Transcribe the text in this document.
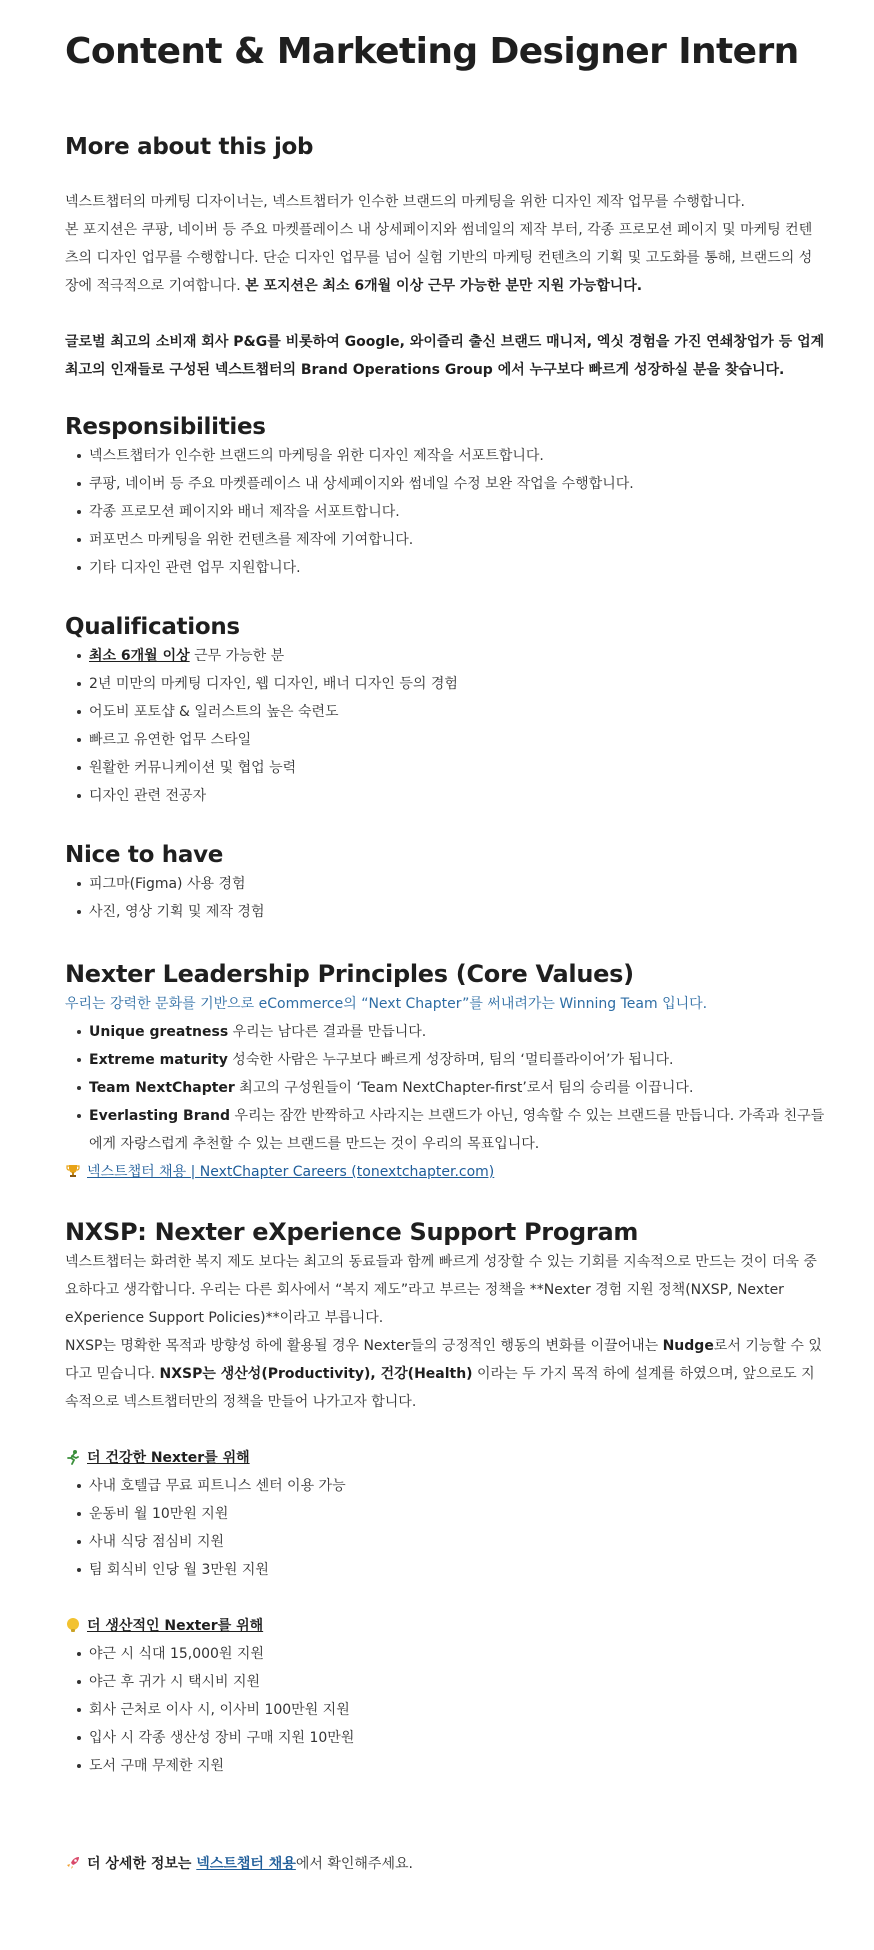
Content & Marketing Designer Intern
More about this job

넥스트챕터의 마케팅 디자이너는, 넥스트챕터가 인수한 브랜드의 마케팅을 위한 디자인 제작 업무를 수행합니다.
본 포지션은 쿠팡, 네이버 등 주요 마켓플레이스 내 상세페이지와 썸네일의 제작 부터, 각종 프로모션 페이지 및 마케팅 컨텐츠의 디자인 업무를 수행합니다. 단순 디자인 업무를 넘어 실험 기반의 마케팅 컨텐츠의 기획 및 고도화를 통해, 브랜드의 성장에 적극적으로 기여합니다. 본 포지션은 최소 6개월 이상 근무 가능한 분만 지원 가능합니다.

글로벌 최고의 소비재 회사 P&G를 비롯하여 Google, 와이즐리 출신 브랜드 매니저, 엑싯 경험을 가진 연쇄창업가 등 업계 최고의 인재들로 구성된 넥스트챕터의 Brand Operations Group 에서 누구보다 빠르게 성장하실 분을 찾습니다.

Responsibilities
넥스트챕터가 인수한 브랜드의 마케팅을 위한 디자인 제작을 서포트합니다.
쿠팡, 네이버 등 주요 마켓플레이스 내 상세페이지와 썸네일 수정 보완 작업을 수행합니다.
각종 프로모션 페이지와 배너 제작을 서포트합니다.
퍼포먼스 마케팅을 위한 컨텐츠를 제작에 기여합니다.
기타 디자인 관련 업무 지원합니다.
Qualifications
최소 6개월 이상 근무 가능한 분
2년 미만의 마케팅 디자인, 웹 디자인, 배너 디자인 등의 경험
어도비 포토샵 & 일러스트의 높은 숙련도
빠르고 유연한 업무 스타일
원활한 커뮤니케이션 및 협업 능력
디자인 관련 전공자
Nice to have
피그마(Figma) 사용 경험
사진, 영상 기획 및 제작 경험
Nexter Leadership Principles (Core Values)

우리는 강력한 문화를 기반으로 eCommerce의 “Next Chapter”를 써내려가는 Winning Team 입니다.

Unique greatness 우리는 남다른 결과를 만듭니다.
Extreme maturity 성숙한 사람은 누구보다 빠르게 성장하며, 팀의 ‘멀티플라이어’가 됩니다.
Team NextChapter 최고의 구성원들이 ‘Team NextChapter-first’로서 팀의 승리를 이끕니다.
Everlasting Brand 우리는 잠깐 반짝하고 사라지는 브랜드가 아닌, 영속할 수 있는 브랜드를 만듭니다. 가족과 친구들에게 자랑스럽게 추천할 수 있는 브랜드를 만드는 것이 우리의 목표입니다.

넥스트챕터 채용 | NextChapter Careers (tonextchapter.com)

NXSP: Nexter eXperience Support Program

넥스트챕터는 화려한 복지 제도 보다는 최고의 동료들과 함께 빠르게 성장할 수 있는 기회를 지속적으로 만드는 것이 더욱 중요하다고 생각합니다. 우리는 다른 회사에서 “복지 제도”라고 부르는 정책을 **Nexter 경험 지원 정책(NXSP, Nexter eXperience Support Policies)**이라고 부릅니다.

NXSP는 명확한 목적과 방향성 하에 활용될 경우 Nexter들의 긍정적인 행동의 변화를 이끌어내는 Nudge로서 기능할 수 있다고 믿습니다. NXSP는 생산성(Productivity), 건강(Health) 이라는 두 가지 목적 하에 설계를 하였으며, 앞으로도 지속적으로 넥스트챕터만의 정책을 만들어 나가고자 합니다.

더 건강한 Nexter를 위해

사내 호텔급 무료 피트니스 센터 이용 가능
운동비 월 10만원 지원
사내 식당 점심비 지원
팀 회식비 인당 월 3만원 지원

더 생산적인 Nexter를 위해

야근 시 식대 15,000원 지원
야근 후 귀가 시 택시비 지원
회사 근처로 이사 시, 이사비 100만원 지원
입사 시 각종 생산성 장비 구매 지원 10만원
도서 구매 무제한 지원

더 상세한 정보는 넥스트챕터 채용에서 확인해주세요.
